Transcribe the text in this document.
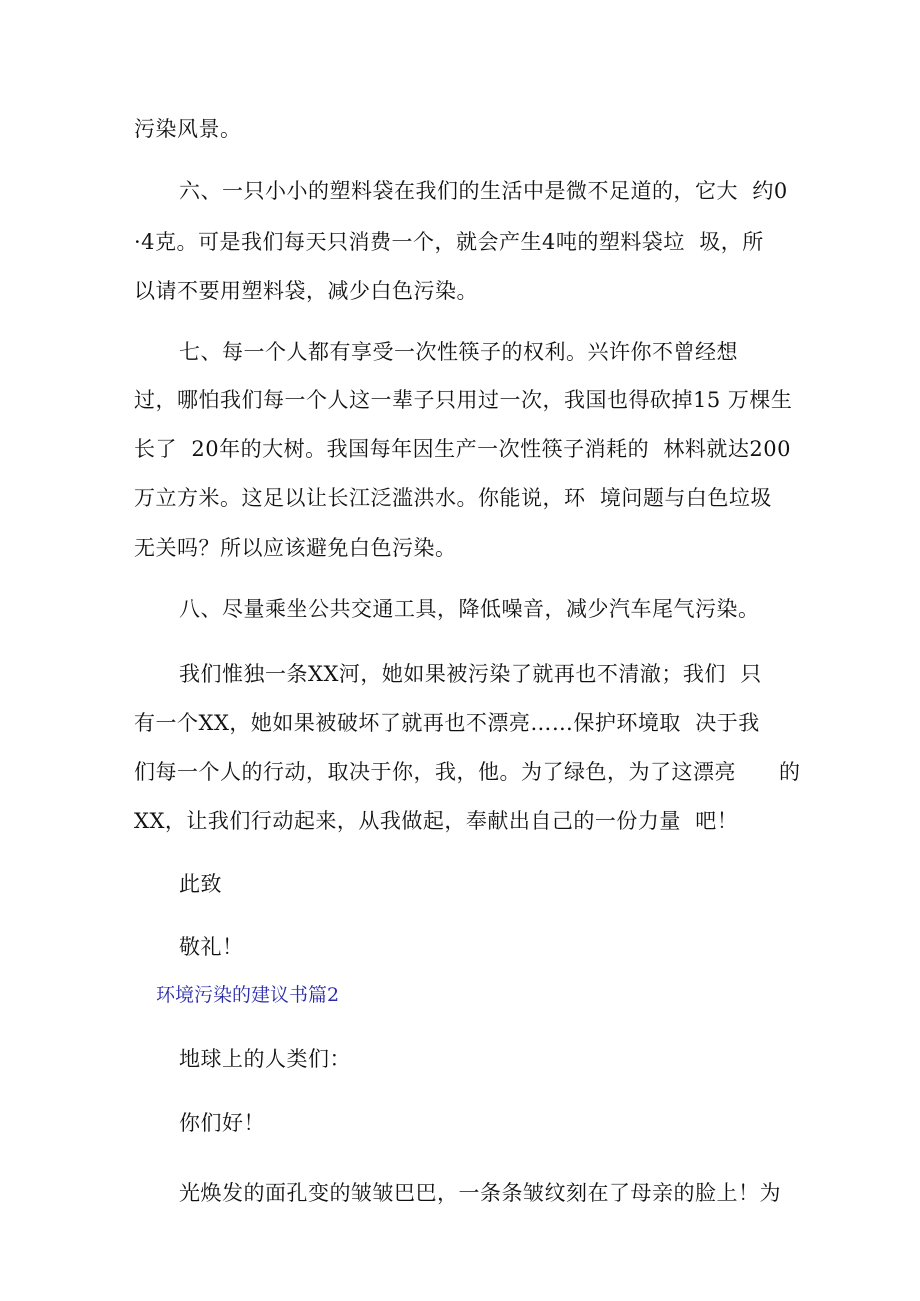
污染风景。
六、一只小小的塑料袋在我们的生活中是微不足道的，它大  约0
·4克。可是我们每天只消费一个，就会产生4吨的塑料袋垃  圾，所
以请不要用塑料袋，减少白色污染。
七、每一个人都有享受一次性筷子的权利。兴许你不曾经想
过，哪怕我们每一个人这一辈子只用过一次，我国也得砍掉15 万棵生
长了  20年的大树。我国每年因生产一次性筷子消耗的  林料就达200
万立方米。这足以让长江泛滥洪水。你能说，环  境问题与白色垃圾
无关吗？所以应该避免白色污染。
八、尽量乘坐公共交通工具，降低噪音，减少汽车尾气污染。
我们惟独一条XX河，她如果被污染了就再也不清澈；我们  只
有一个XX，她如果被破坏了就再也不漂亮……保护环境取  决于我
们每一个人的行动，取决于你，我，他。为了绿色，为了这漂亮      的
XX，让我们行动起来，从我做起，奉献出自己的一份力量  吧！
此致
敬礼！
环境污染的建议书篇2
地球上的人类们：
你们好！
光焕发的面孔变的皱皱巴巴，一条条皱纹刻在了母亲的脸上！为
